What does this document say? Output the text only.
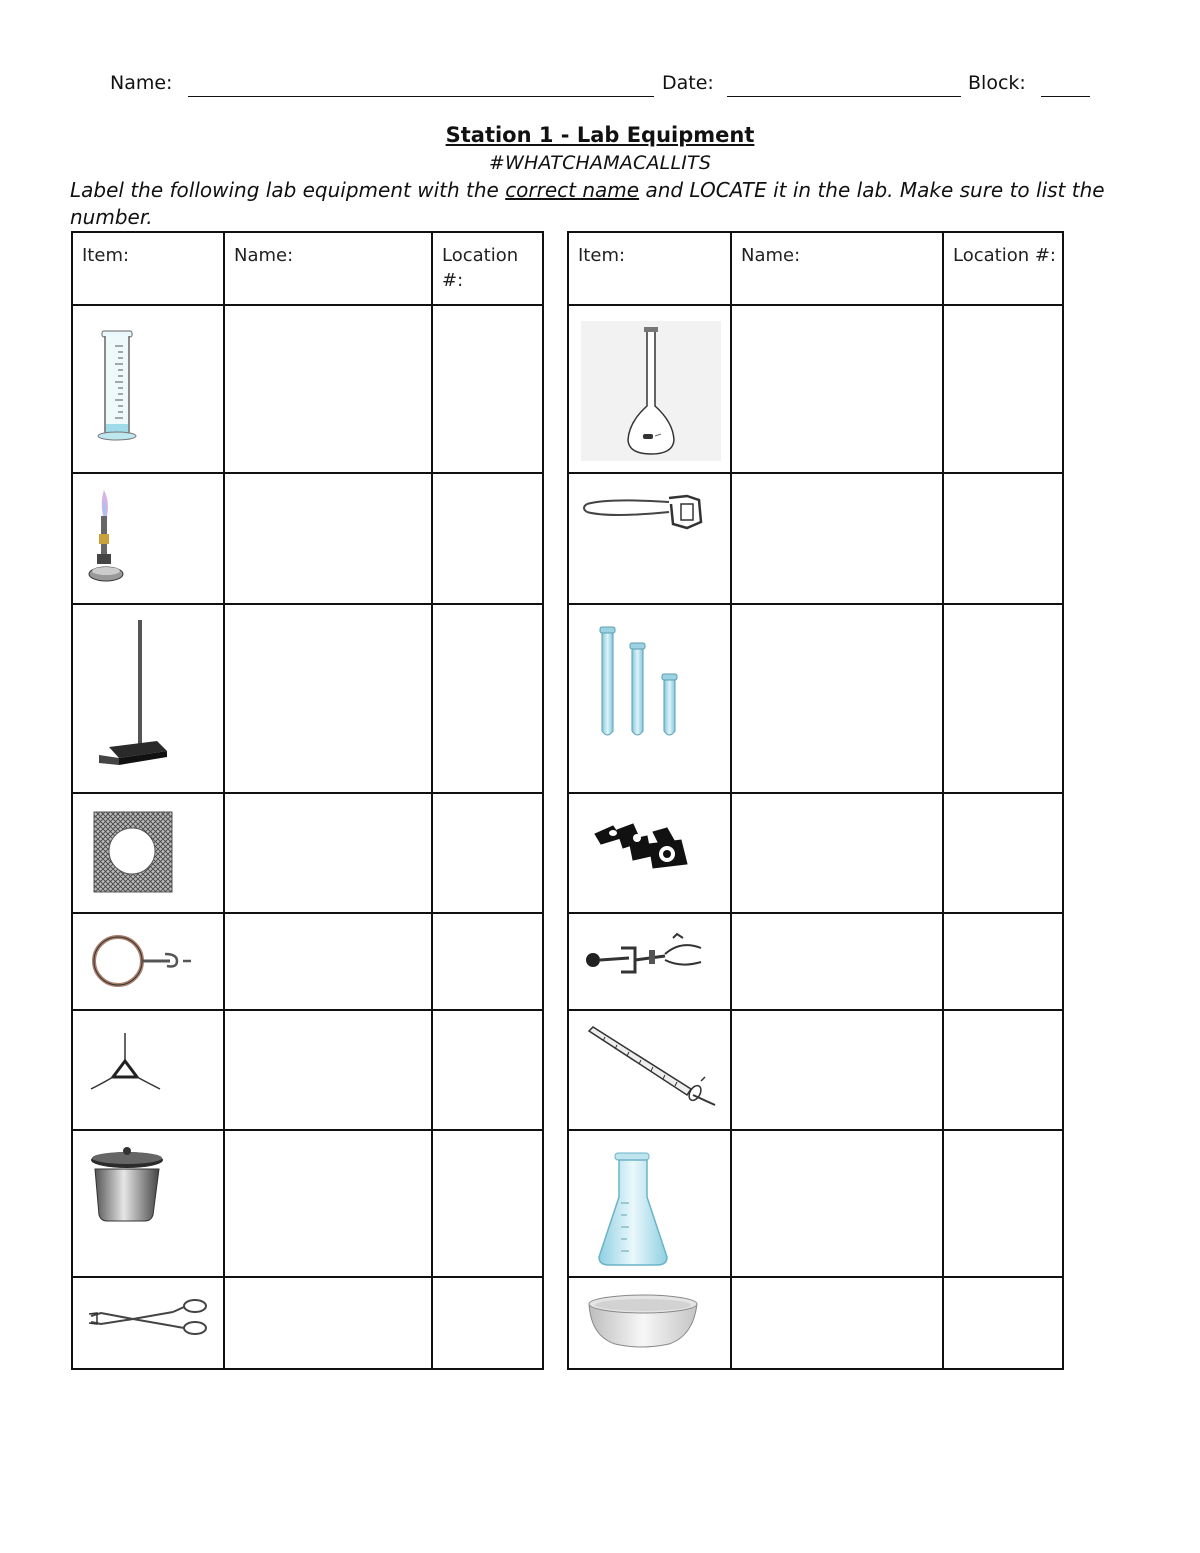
Name:	Date:	Block:
Station 1 - Lab Equipment
#WHATCHAMACALLITS
Label the following lab equipment with the correct name and LOCATE it in the lab. Make sure to list the number.
Item:	Name:	Location #:

Item:	Name:	Location #:
